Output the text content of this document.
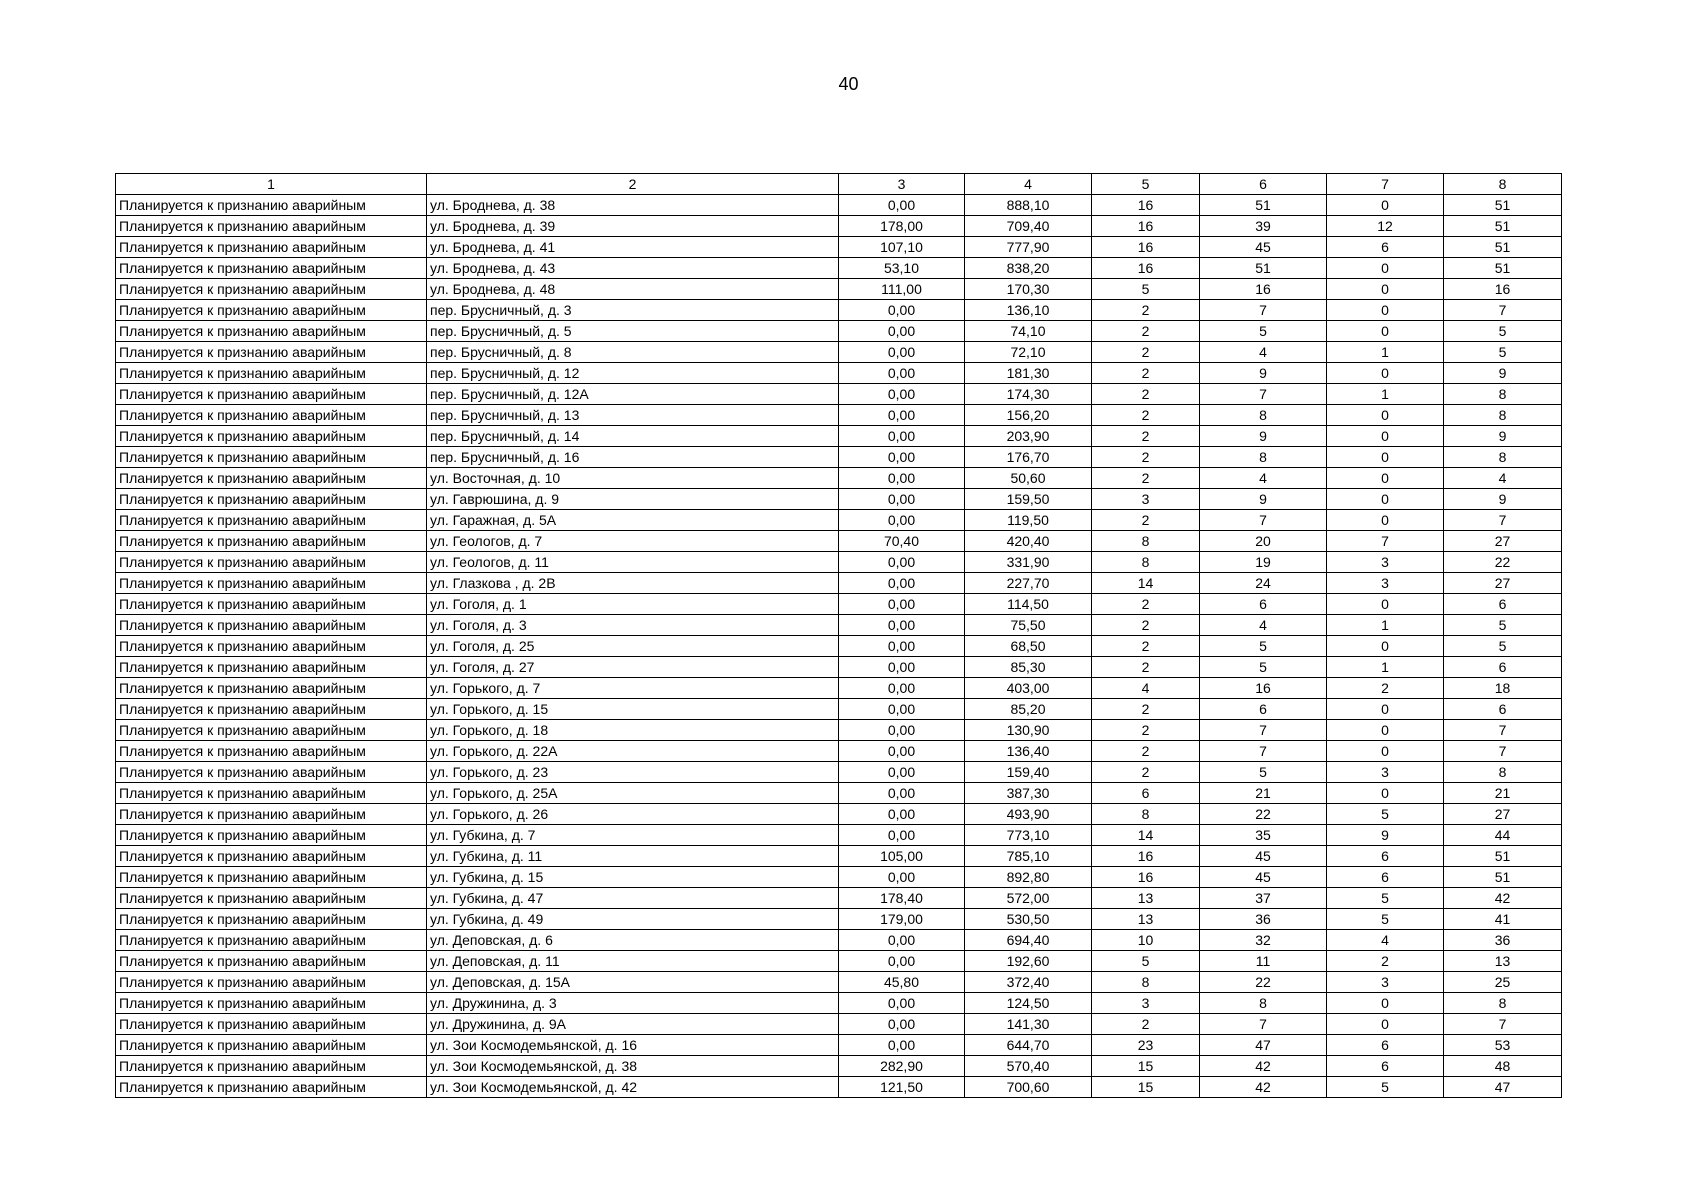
40
1	2	3	4	5	6	7	8
Планируется к признанию аварийным	ул. Броднева, д. 38	0,00	888,10	16	51	0	51
Планируется к признанию аварийным	ул. Броднева, д. 39	178,00	709,40	16	39	12	51
Планируется к признанию аварийным	ул. Броднева, д. 41	107,10	777,90	16	45	6	51
Планируется к признанию аварийным	ул. Броднева, д. 43	53,10	838,20	16	51	0	51
Планируется к признанию аварийным	ул. Броднева, д. 48	111,00	170,30	5	16	0	16
Планируется к признанию аварийным	пер. Брусничный, д. 3	0,00	136,10	2	7	0	7
Планируется к признанию аварийным	пер. Брусничный, д. 5	0,00	74,10	2	5	0	5
Планируется к признанию аварийным	пер. Брусничный, д. 8	0,00	72,10	2	4	1	5
Планируется к признанию аварийным	пер. Брусничный, д. 12	0,00	181,30	2	9	0	9
Планируется к признанию аварийным	пер. Брусничный, д. 12А	0,00	174,30	2	7	1	8
Планируется к признанию аварийным	пер. Брусничный, д. 13	0,00	156,20	2	8	0	8
Планируется к признанию аварийным	пер. Брусничный, д. 14	0,00	203,90	2	9	0	9
Планируется к признанию аварийным	пер. Брусничный, д. 16	0,00	176,70	2	8	0	8
Планируется к признанию аварийным	ул. Восточная, д. 10	0,00	50,60	2	4	0	4
Планируется к признанию аварийным	ул. Гаврюшина, д. 9	0,00	159,50	3	9	0	9
Планируется к признанию аварийным	ул. Гаражная, д. 5А	0,00	119,50	2	7	0	7
Планируется к признанию аварийным	ул. Геологов, д. 7	70,40	420,40	8	20	7	27
Планируется к признанию аварийным	ул. Геологов, д. 11	0,00	331,90	8	19	3	22
Планируется к признанию аварийным	ул. Глазкова , д. 2В	0,00	227,70	14	24	3	27
Планируется к признанию аварийным	ул. Гоголя, д. 1	0,00	114,50	2	6	0	6
Планируется к признанию аварийным	ул. Гоголя, д. 3	0,00	75,50	2	4	1	5
Планируется к признанию аварийным	ул. Гоголя, д. 25	0,00	68,50	2	5	0	5
Планируется к признанию аварийным	ул. Гоголя, д. 27	0,00	85,30	2	5	1	6
Планируется к признанию аварийным	ул. Горького, д. 7	0,00	403,00	4	16	2	18
Планируется к признанию аварийным	ул. Горького, д. 15	0,00	85,20	2	6	0	6
Планируется к признанию аварийным	ул. Горького, д. 18	0,00	130,90	2	7	0	7
Планируется к признанию аварийным	ул. Горького, д. 22А	0,00	136,40	2	7	0	7
Планируется к признанию аварийным	ул. Горького, д. 23	0,00	159,40	2	5	3	8
Планируется к признанию аварийным	ул. Горького, д. 25А	0,00	387,30	6	21	0	21
Планируется к признанию аварийным	ул. Горького, д. 26	0,00	493,90	8	22	5	27
Планируется к признанию аварийным	ул. Губкина, д. 7	0,00	773,10	14	35	9	44
Планируется к признанию аварийным	ул. Губкина, д. 11	105,00	785,10	16	45	6	51
Планируется к признанию аварийным	ул. Губкина, д. 15	0,00	892,80	16	45	6	51
Планируется к признанию аварийным	ул. Губкина, д. 47	178,40	572,00	13	37	5	42
Планируется к признанию аварийным	ул. Губкина, д. 49	179,00	530,50	13	36	5	41
Планируется к признанию аварийным	ул. Деповская, д. 6	0,00	694,40	10	32	4	36
Планируется к признанию аварийным	ул. Деповская, д. 11	0,00	192,60	5	11	2	13
Планируется к признанию аварийным	ул. Деповская, д. 15А	45,80	372,40	8	22	3	25
Планируется к признанию аварийным	ул. Дружинина, д. 3	0,00	124,50	3	8	0	8
Планируется к признанию аварийным	ул. Дружинина, д. 9А	0,00	141,30	2	7	0	7
Планируется к признанию аварийным	ул. Зои Космодемьянской, д. 16	0,00	644,70	23	47	6	53
Планируется к признанию аварийным	ул. Зои Космодемьянской, д. 38	282,90	570,40	15	42	6	48
Планируется к признанию аварийным	ул. Зои Космодемьянской, д. 42	121,50	700,60	15	42	5	47
